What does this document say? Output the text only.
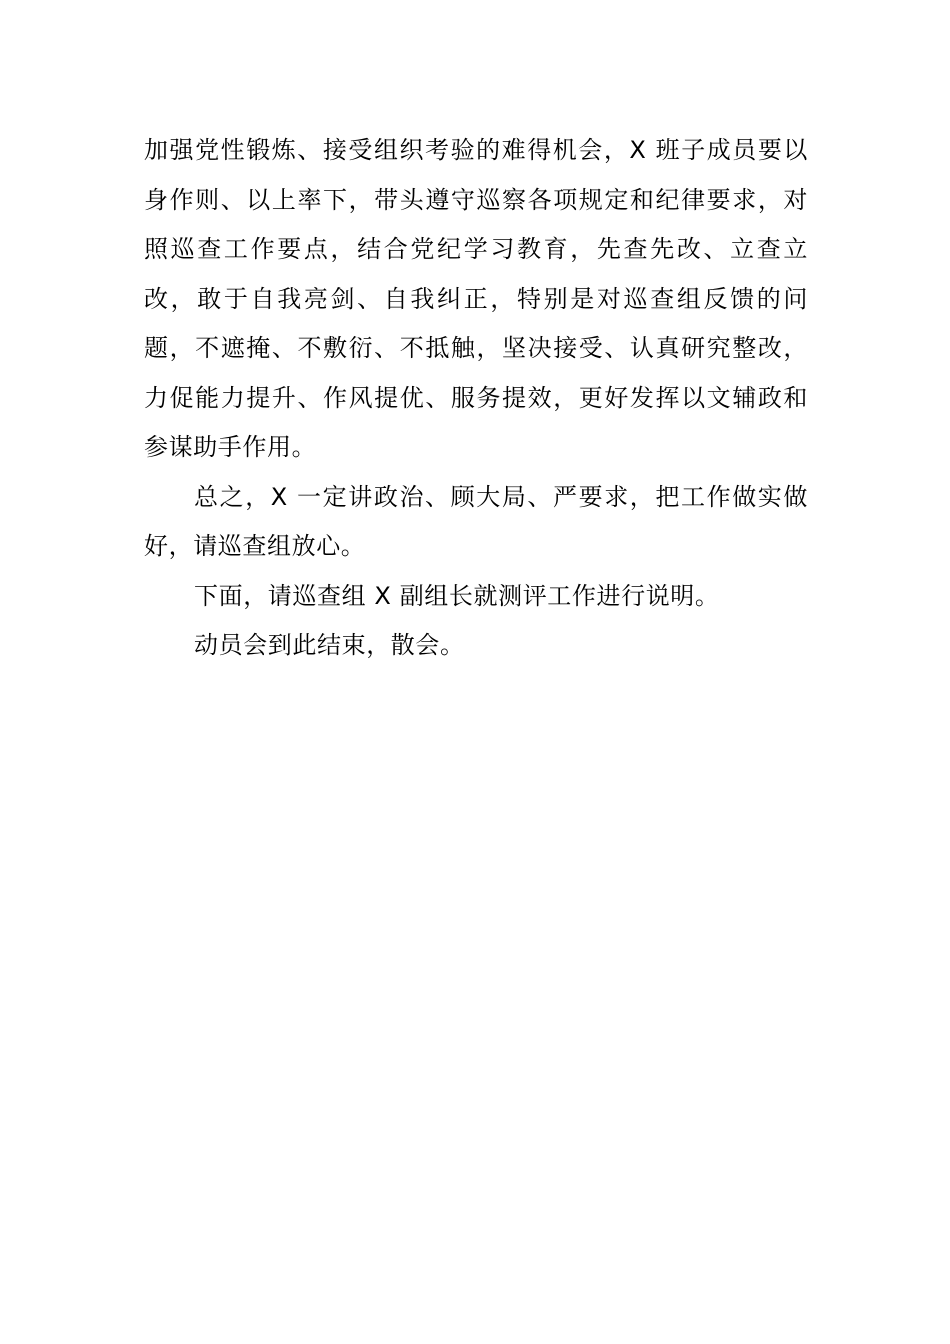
加强党性锻炼、接受组织考验的难得机会，X 班子成员要以身作则、以上率下，带头遵守巡察各项规定和纪律要求，对照巡查工作要点，结合党纪学习教育，先查先改、立查立改，敢于自我亮剑、自我纠正，特别是对巡查组反馈的问题，不遮掩、不敷衍、不抵触，坚决接受、认真研究整改，力促能力提升、作风提优、服务提效，更好发挥以文辅政和参谋助手作用。

总之，X 一定讲政治、顾大局、严要求，把工作做实做好，请巡查组放心。

下面，请巡查组 X 副组长就测评工作进行说明。

动员会到此结束，散会。
